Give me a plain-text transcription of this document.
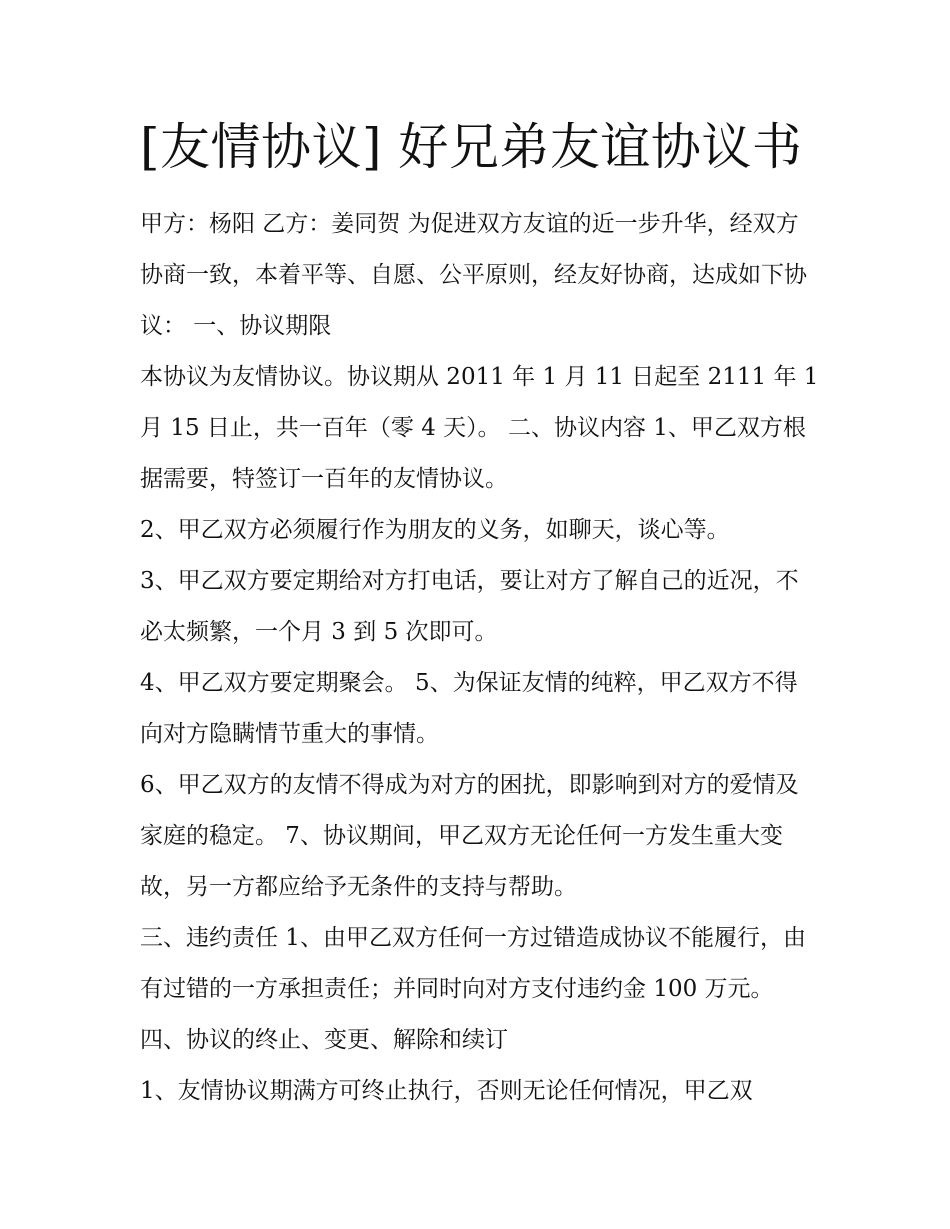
[友情协议] 好兄弟友谊协议书

甲方：杨阳 乙方：姜同贺 为促进双方友谊的近一步升华，经双方协商一致，本着平等、自愿、公平原则，经友好协商，达成如下协议： 一、协议期限

本协议为友情协议。协议期从 2011 年 1 月 11 日起至 2111 年 1 月 15 日止，共一百年（零 4 天）。 二、协议内容 1、甲乙双方根据需要，特签订一百年的友情协议。

2、甲乙双方必须履行作为朋友的义务，如聊天，谈心等。

3、甲乙双方要定期给对方打电话，要让对方了解自己的近况，不必太频繁，一个月 3 到 5 次即可。

4、甲乙双方要定期聚会。 5、为保证友情的纯粹，甲乙双方不得向对方隐瞒情节重大的事情。

6、甲乙双方的友情不得成为对方的困扰，即影响到对方的爱情及家庭的稳定。 7、协议期间，甲乙双方无论任何一方发生重大变故，另一方都应给予无条件的支持与帮助。

三、违约责任 1、由甲乙双方任何一方过错造成协议不能履行，由有过错的一方承担责任；并同时向对方支付违约金 100 万元。 四、协议的终止、变更、解除和续订

1、友情协议期满方可终止执行，否则无论任何情况，甲乙双
